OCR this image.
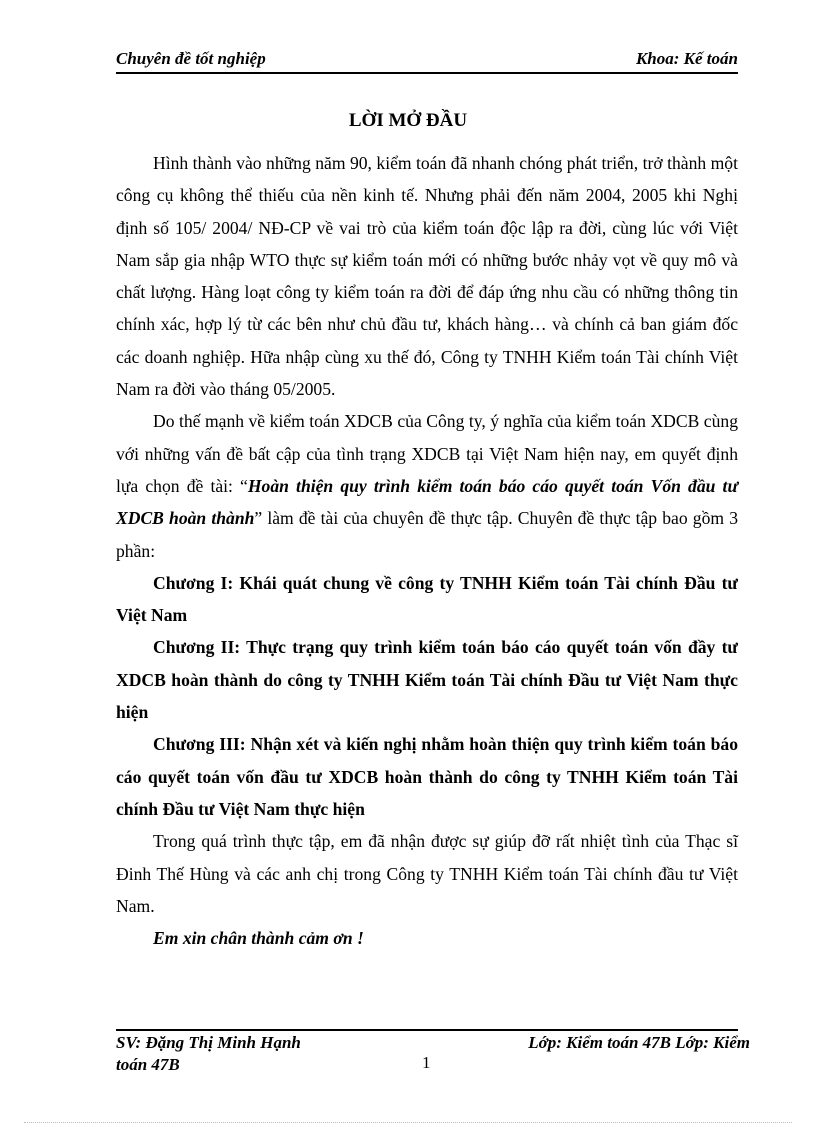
Chuyên đề tốt nghiệp	Khoa: Kế toán
LỜI MỞ ĐẦU

Hình thành vào những năm 90, kiểm toán đã nhanh chóng phát triển, trở thành một công cụ không thể thiếu của nền kinh tế. Nhưng phải đến năm 2004, 2005 khi Nghị định số 105/ 2004/ NĐ-CP về vai trò của kiểm toán độc lập ra đời, cùng lúc với Việt Nam sắp gia nhập WTO thực sự kiểm toán mới có những bước nhảy vọt về quy mô và chất lượng. Hàng loạt công ty kiểm toán ra đời để đáp ứng nhu cầu có những thông tin chính xác, hợp lý từ các bên như chủ đầu tư, khách hàng… và chính cả ban giám đốc các doanh nghiệp. Hữa nhập cùng xu thế đó, Công ty TNHH Kiểm toán Tài chính Việt Nam ra đời vào tháng 05/2005.

Do thế mạnh về kiểm toán XDCB của Công ty, ý nghĩa của kiểm toán XDCB cùng với những vấn đề bất cập của tình trạng XDCB tại Việt Nam hiện nay, em quyết định lựa chọn đề tài: “Hoàn thiện quy trình kiểm toán báo cáo quyết toán Vốn đầu tư XDCB hoàn thành” làm đề tài của chuyên đề thực tập. Chuyên đề thực tập bao gồm 3 phần:

Chương I: Khái quát chung về công ty TNHH Kiểm toán Tài chính Đầu tư Việt Nam

Chương II: Thực trạng quy trình kiểm toán báo cáo quyết toán vốn đầy tư XDCB hoàn thành do công ty TNHH Kiểm toán Tài chính Đầu tư Việt Nam thực hiện

Chương III: Nhận xét và kiến nghị nhằm hoàn thiện quy trình kiểm toán báo cáo quyết toán vốn đầu tư XDCB hoàn thành do công ty TNHH Kiểm toán Tài chính Đầu tư Việt Nam thực hiện

Trong quá trình thực tập, em đã nhận được sự giúp đỡ rất nhiệt tình của Thạc sĩ Đinh Thế Hùng và các anh chị trong Công ty TNHH Kiểm toán Tài chính đầu tư Việt Nam.

Em xin chân thành cảm ơn !

SV: Đặng Thị Minh Hạnh	Lớp: Kiểm toán 47B Lớp: Kiểm
toán 47B	1
